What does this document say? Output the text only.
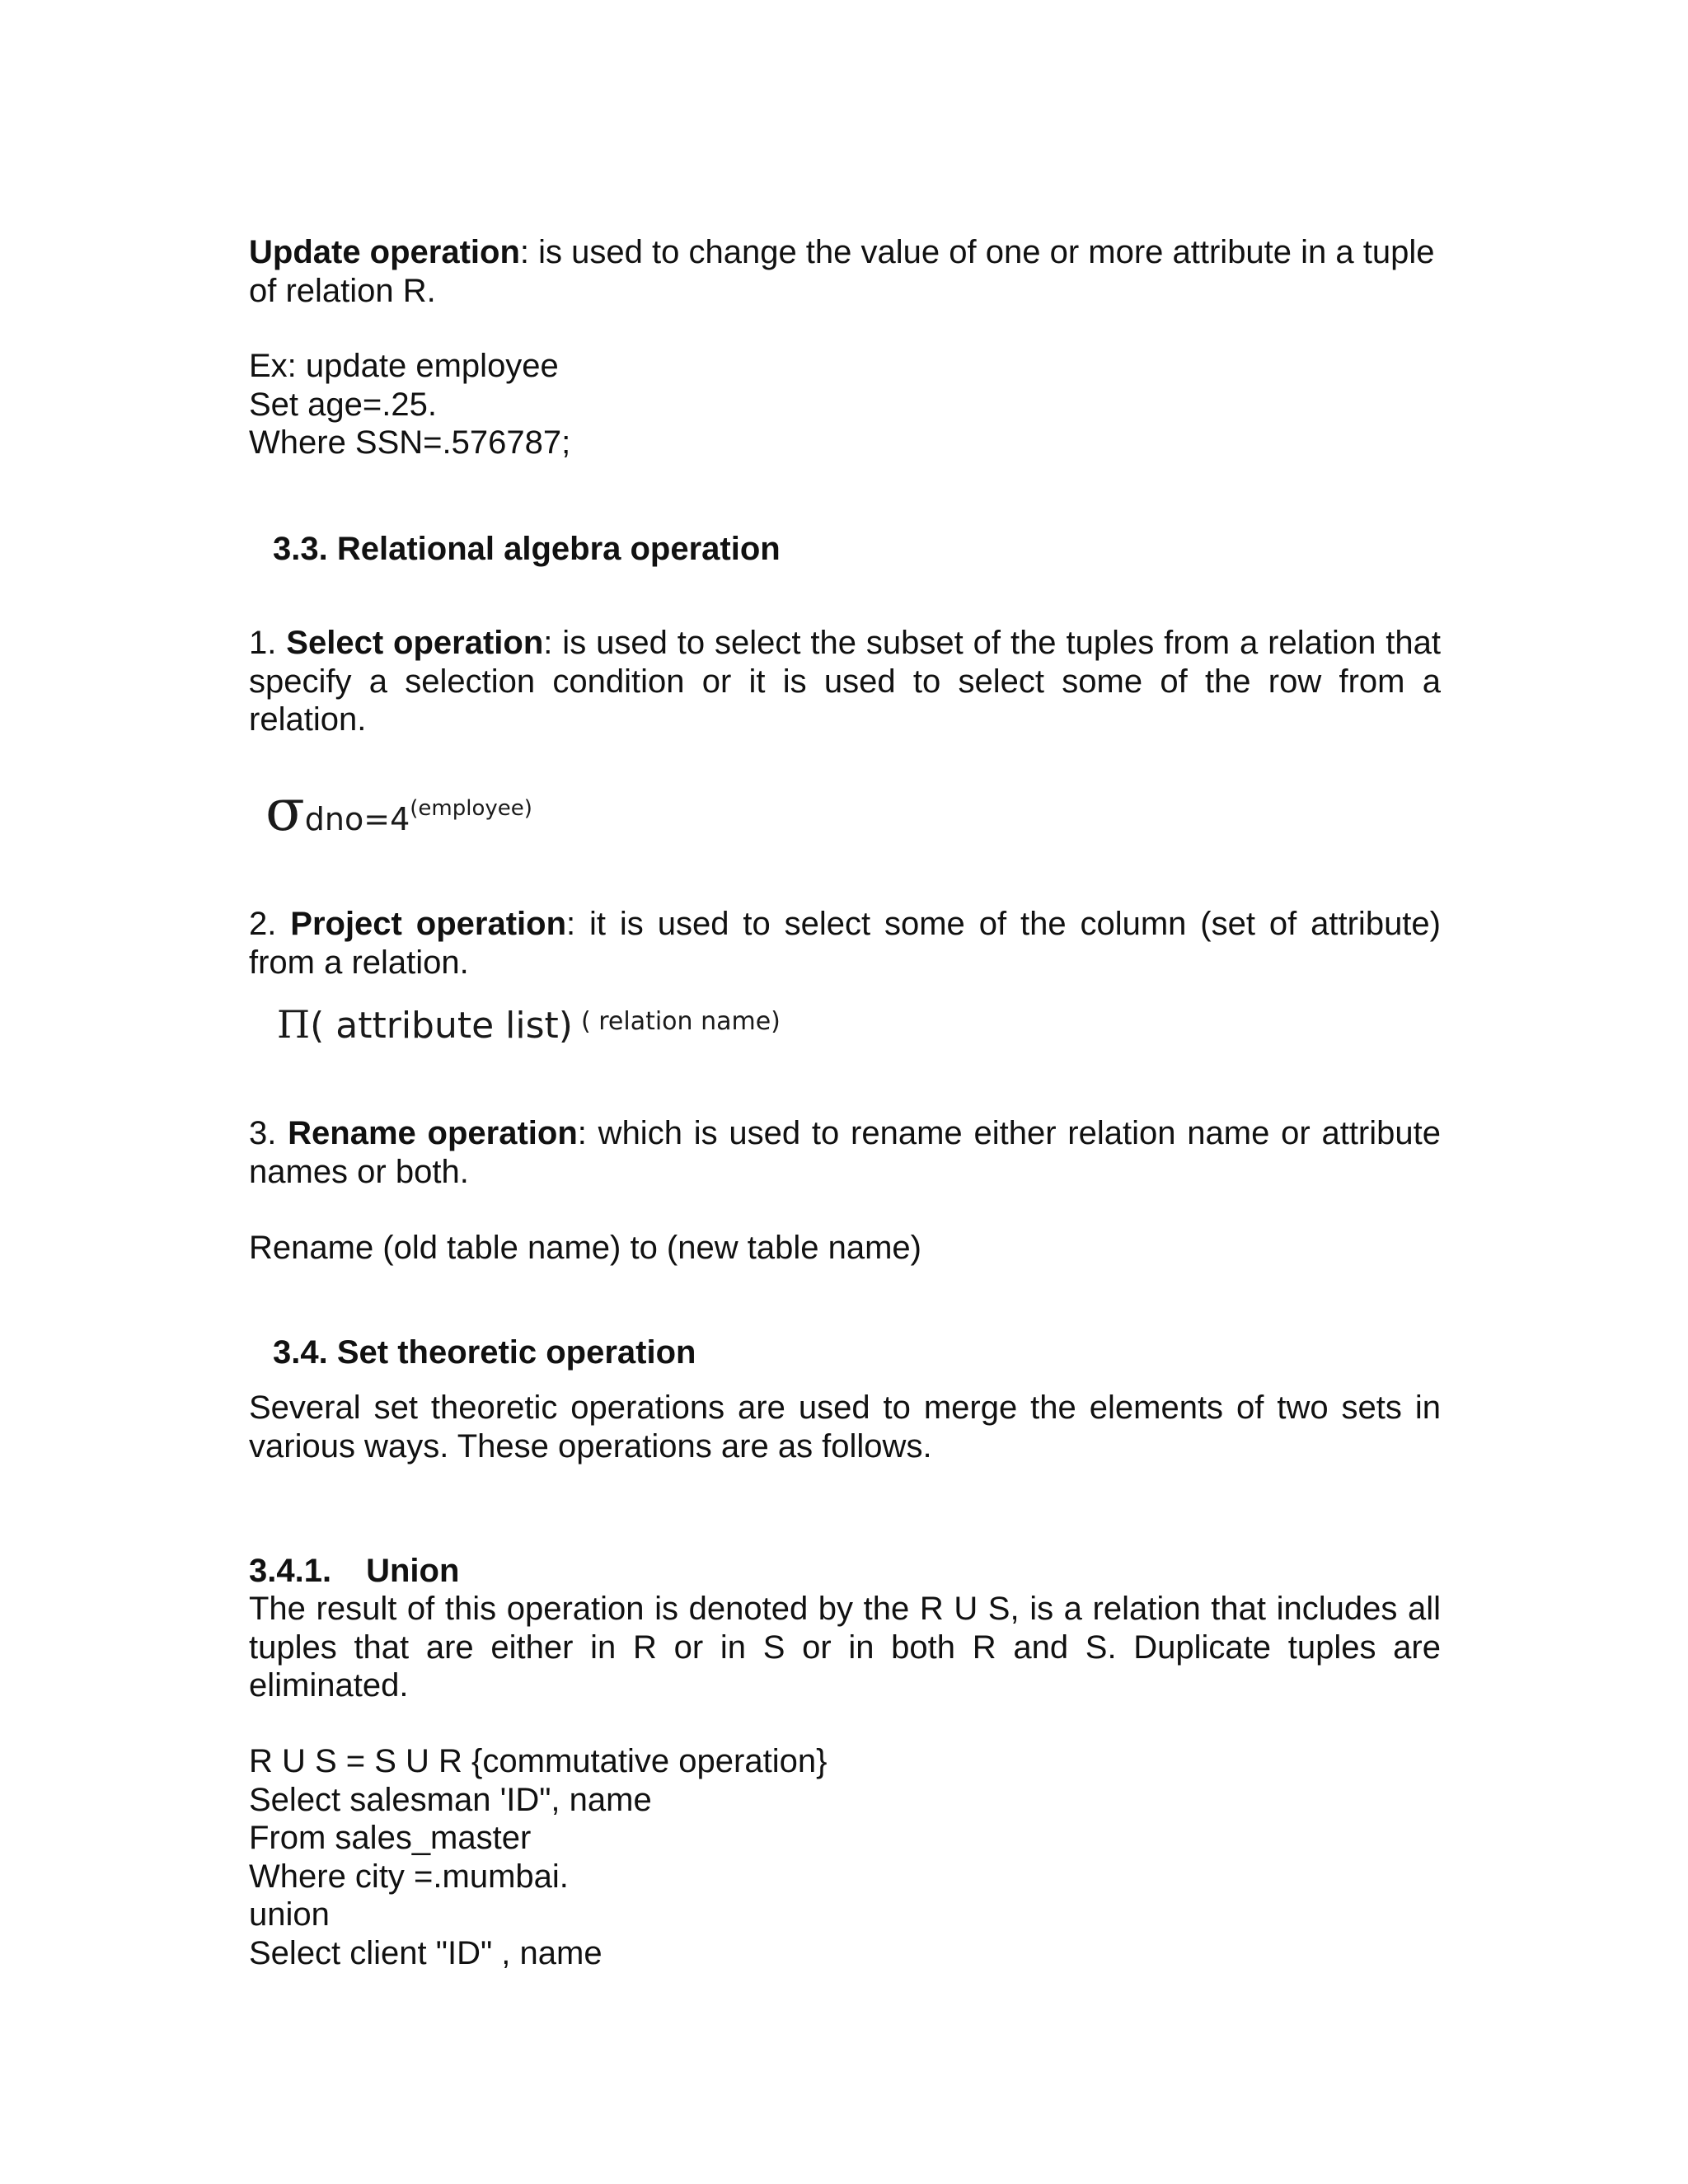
Update operation: is used to change the value of one or more attribute in a tuple of relation R.

Ex: update employee
Set age=.25.
Where SSN=.576787;

3.3. Relational algebra operation

1. Select operation: is used to select the subset of the tuples from a relation that specify a selection condition or it is used to select some of the row from a relation.

σdno=4(employee)

2. Project operation: it is used to select some of the column (set of attribute) from a relation.

Π( attribute list) ( relation name)

3. Rename operation: which is used to rename either relation name or attribute names or both.

Rename (old table name) to (new table name)

3.4. Set theoretic operation

Several set theoretic operations are used to merge the elements of two sets in various ways. These operations are as follows.

3.4.1. Union

The result of this operation is denoted by the R U S, is a relation that includes all tuples that are either in R or in S or in both R and S. Duplicate tuples are eliminated.

R U S = S U R {commutative operation}
Select salesman 'ID", name
From sales_master
Where city =.mumbai.
union
Select client "ID" , name
